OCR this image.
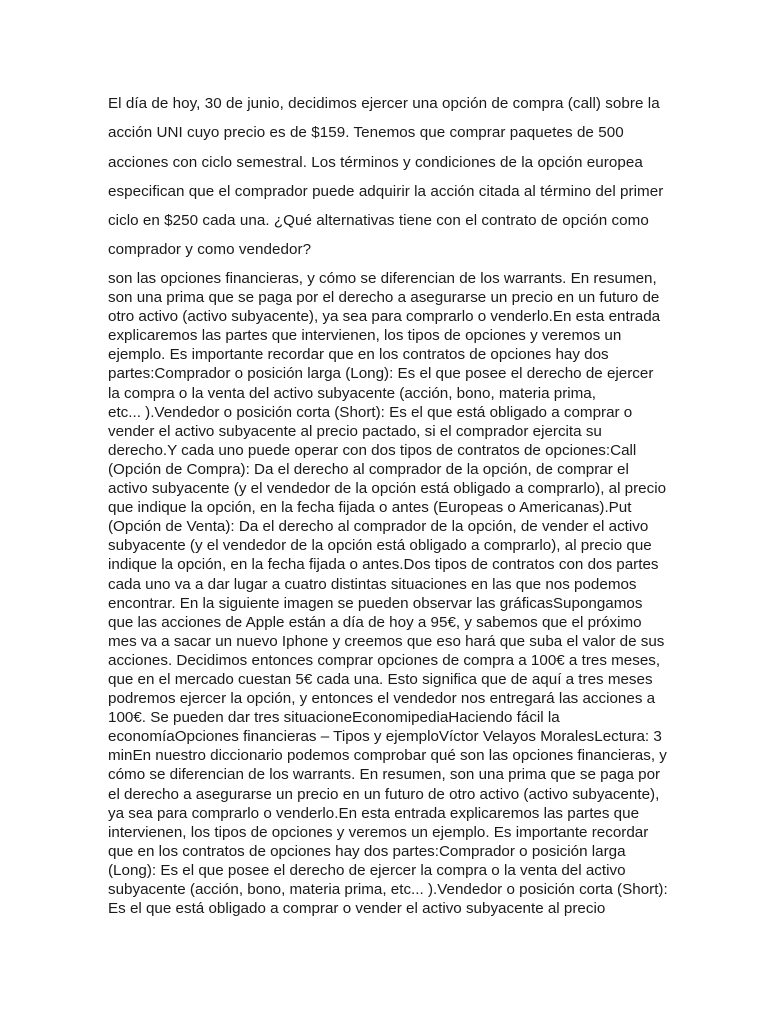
El día de hoy, 30 de junio, decidimos ejercer una opción de compra (call) sobre la
acción UNI cuyo precio es de $159. Tenemos que comprar paquetes de 500
acciones con ciclo semestral. Los términos y condiciones de la opción europea
especifican que el comprador puede adquirir la acción citada al término del primer
ciclo en $250 cada una. ¿Qué alternativas tiene con el contrato de opción como
comprador y como vendedor?
son las opciones financieras, y cómo se diferencian de los warrants. En resumen,
son una prima que se paga por el derecho a asegurarse un precio en un futuro de
otro activo (activo subyacente), ya sea para comprarlo o venderlo.En esta entrada
explicaremos las partes que intervienen, los tipos de opciones y veremos un
ejemplo. Es importante recordar que en los contratos de opciones hay dos
partes:Comprador o posición larga (Long): Es el que posee el derecho de ejercer
la compra o la venta del activo subyacente (acción, bono, materia prima,
etc... ).Vendedor o posición corta (Short): Es el que está obligado a comprar o
vender el activo subyacente al precio pactado, si el comprador ejercita su
derecho.Y cada uno puede operar con dos tipos de contratos de opciones:Call
(Opción de Compra): Da el derecho al comprador de la opción, de comprar el
activo subyacente (y el vendedor de la opción está obligado a comprarlo), al precio
que indique la opción, en la fecha fijada o antes (Europeas o Americanas).Put
(Opción de Venta): Da el derecho al comprador de la opción, de vender el activo
subyacente (y el vendedor de la opción está obligado a comprarlo), al precio que
indique la opción, en la fecha fijada o antes.Dos tipos de contratos con dos partes
cada uno va a dar lugar a cuatro distintas situaciones en las que nos podemos
encontrar. En la siguiente imagen se pueden observar las gráficasSupongamos
que las acciones de Apple están a día de hoy a 95€, y sabemos que el próximo
mes va a sacar un nuevo Iphone y creemos que eso hará que suba el valor de sus
acciones. Decidimos entonces comprar opciones de compra a 100€ a tres meses,
que en el mercado cuestan 5€ cada una. Esto significa que de aquí a tres meses
podremos ejercer la opción, y entonces el vendedor nos entregará las acciones a
100€. Se pueden dar tres situacioneEconomipediaHaciendo fácil la
economíaOpciones financieras – Tipos y ejemploVíctor Velayos MoralesLectura: 3
minEn nuestro diccionario podemos comprobar qué son las opciones financieras, y
cómo se diferencian de los warrants. En resumen, son una prima que se paga por
el derecho a asegurarse un precio en un futuro de otro activo (activo subyacente),
ya sea para comprarlo o venderlo.En esta entrada explicaremos las partes que
intervienen, los tipos de opciones y veremos un ejemplo. Es importante recordar
que en los contratos de opciones hay dos partes:Comprador o posición larga
(Long): Es el que posee el derecho de ejercer la compra o la venta del activo
subyacente (acción, bono, materia prima, etc... ).Vendedor o posición corta (Short):
Es el que está obligado a comprar o vender el activo subyacente al precio
